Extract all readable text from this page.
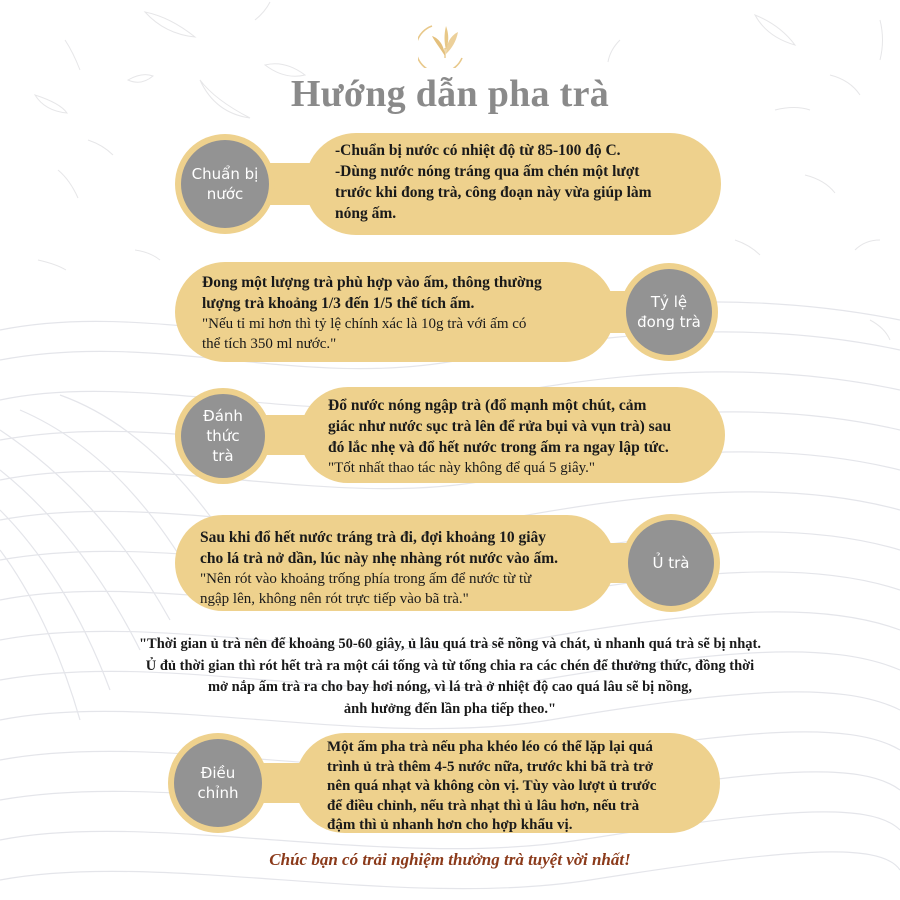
Hướng dẫn pha trà
Chuẩn bị
nước
-Chuẩn bị nước có nhiệt độ từ 85-100 độ C.
-Dùng nước nóng tráng qua ấm chén một lượt
trước khi đong trà, công đoạn này vừa giúp làm
nóng ấm.
Tỷ lệ
đong trà
Đong một lượng trà phù hợp vào ấm, thông thường
lượng trà khoảng 1/3 đến 1/5 thể tích ấm.
"Nếu tỉ mỉ hơn thì tỷ lệ chính xác là 10g trà với ấm có
thể tích 350 ml nước."
Đánh thức
trà
Đổ nước nóng ngập trà (đổ mạnh một chút, cảm
giác như nước sục trà lên để rửa bụi và vụn trà) sau
đó lắc nhẹ và đổ hết nước trong ấm ra ngay lập tức.
"Tốt nhất thao tác này không để quá 5 giây."
Ủ trà
Sau khi đổ hết nước tráng trà đi, đợi khoảng 10 giây
cho lá trà nở dần, lúc này nhẹ nhàng rót nước vào ấm.
"Nên rót vào khoảng trống phía trong ấm để nước từ từ
ngập lên, không nên rót trực tiếp vào bã trà."
"Thời gian ủ trà nên để khoảng 50-60 giây, ủ lâu quá trà sẽ nồng và chát, ủ nhanh quá trà sẽ bị nhạt.
Ủ đủ thời gian thì rót hết trà ra một cái tống và từ tống chia ra các chén để thưởng thức, đồng thời
mở nắp ấm trà ra cho bay hơi nóng, vì lá trà ở nhiệt độ cao quá lâu sẽ bị nồng,
ảnh hưởng đến lần pha tiếp theo."
Điều chỉnh
Một ấm pha trà nếu pha khéo léo có thể lặp lại quá
trình ủ trà thêm 4-5 nước nữa, trước khi bã trà trở
nên quá nhạt và không còn vị. Tùy vào lượt ủ trước
để điều chỉnh, nếu trà nhạt thì ủ lâu hơn, nếu trà
đậm thì ủ nhanh hơn cho hợp khẩu vị.
Chúc bạn có trải nghiệm thưởng trà tuyệt vời nhất!
